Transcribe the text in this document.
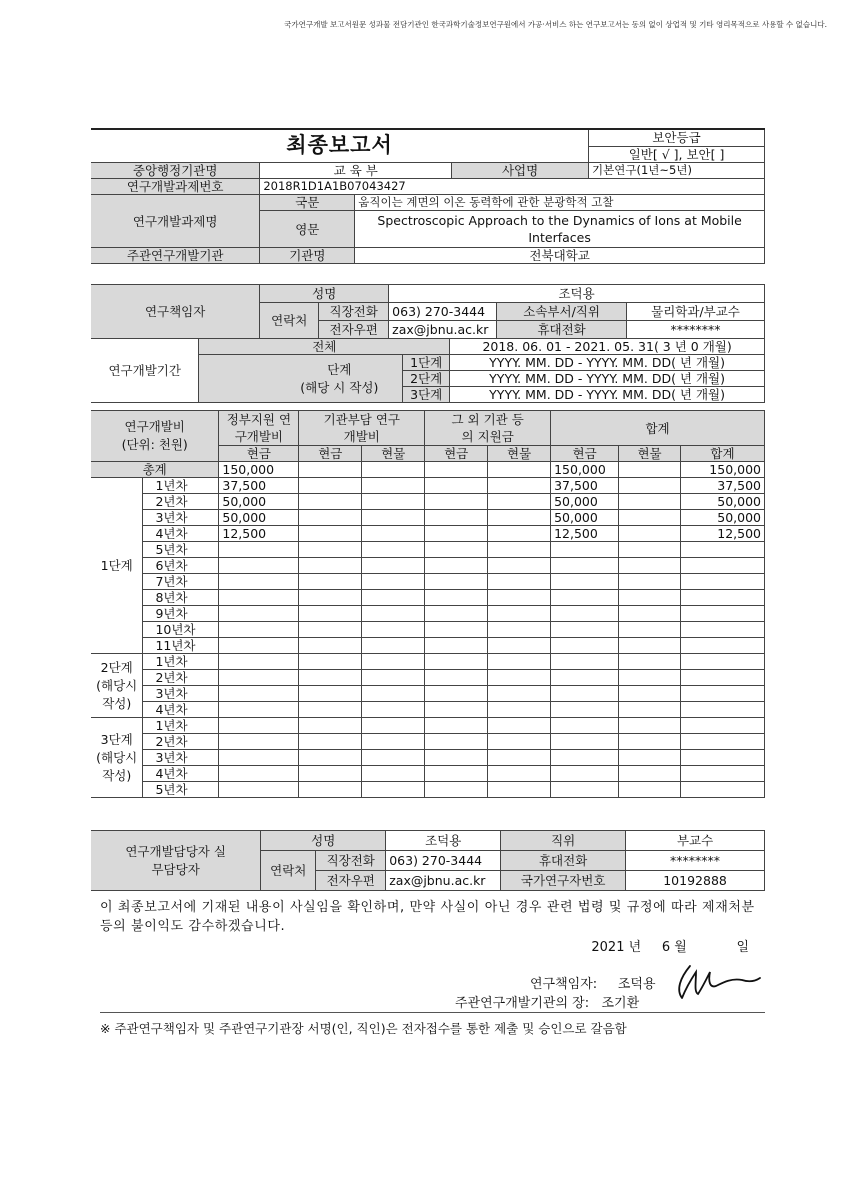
국가연구개발 보고서원문 성과물 전담기관인 한국과학기술정보연구원에서 가공·서비스 하는 연구보고서는 동의 없이 상업적 및 기타 영리목적으로 사용할 수 없습니다.
최종보고서				보안등급
				일반[ √ ], 보안[ ]
중앙행정기관명	교 육 부		사업명	기본연구(1년~5년)
연구개발과제번호	2018R1D1A1B07043427			
연구개발과제명	국문	움직이는 계면의 이온 동력학에 관한 분광학적 고찰		
	영문	Spectroscopic Approach to the Dynamics of Ions at Mobile Interfaces		
주관연구개발기관	기관명	전북대학교		
연구책임자	성명		조덕용		
	연락처	직장전화	063) 270-3444	소속부서/직위	물리학과/부교수
		전자우편	zax@jbnu.ac.kr	휴대전화	********
연구개발기간	전체		2018. 06. 01 - 2021. 05. 31( 3 년 0 개월)
	단계
(해당 시 작성)	1단계	YYYY. MM. DD - YYYY. MM. DD( 년 개월)
		2단계	YYYY. MM. DD - YYYY. MM. DD( 년 개월)
		3단계	YYYY. MM. DD - YYYY. MM. DD( 년 개월)
연구개발비
(단위: 천원)		정부지원 연구개발비	기관부담 연구개발비		그 외 기관 등의 지원금		합계		
		현금	현금	현물	현금	현물	현금	현물	합계
총계		150,000					150,000		150,000
1단계	1년차	37,500					37,500		37,500
	2년차	50,000					50,000		50,000
	3년차	50,000					50,000		50,000
	4년차	12,500					12,500		12,500
	5년차								
	6년차								
	7년차								
	8년차								
	9년차								
	10년차								
	11년차								
2단계 (해당시 작성)	1년차								
	2년차								
	3년차								
	4년차								
3단계 (해당시 작성)	1년차								
	2년차								
	3년차								
	4년차								
	5년차								
연구개발담당자 실무담당자	성명		조덕용	직위	부교수
	연락처	직장전화	063) 270-3444	휴대전화	********
		전자우편	zax@jbnu.ac.kr	국가연구자번호	10192888
이 최종보고서에 기재된 내용이 사실임을 확인하며, 만약 사실이 아닌 경우 관련 법령 및 규정에 따라 제재처분 등의 불이익도 감수하겠습니다.
2021 년 6 월	일
연구책임자: 조덕용
주관연구개발기관의 장: 조기환
※ 주관연구책임자 및 주관연구기관장 서명(인, 직인)은 전자접수를 통한 제출 및 승인으로 갈음함
